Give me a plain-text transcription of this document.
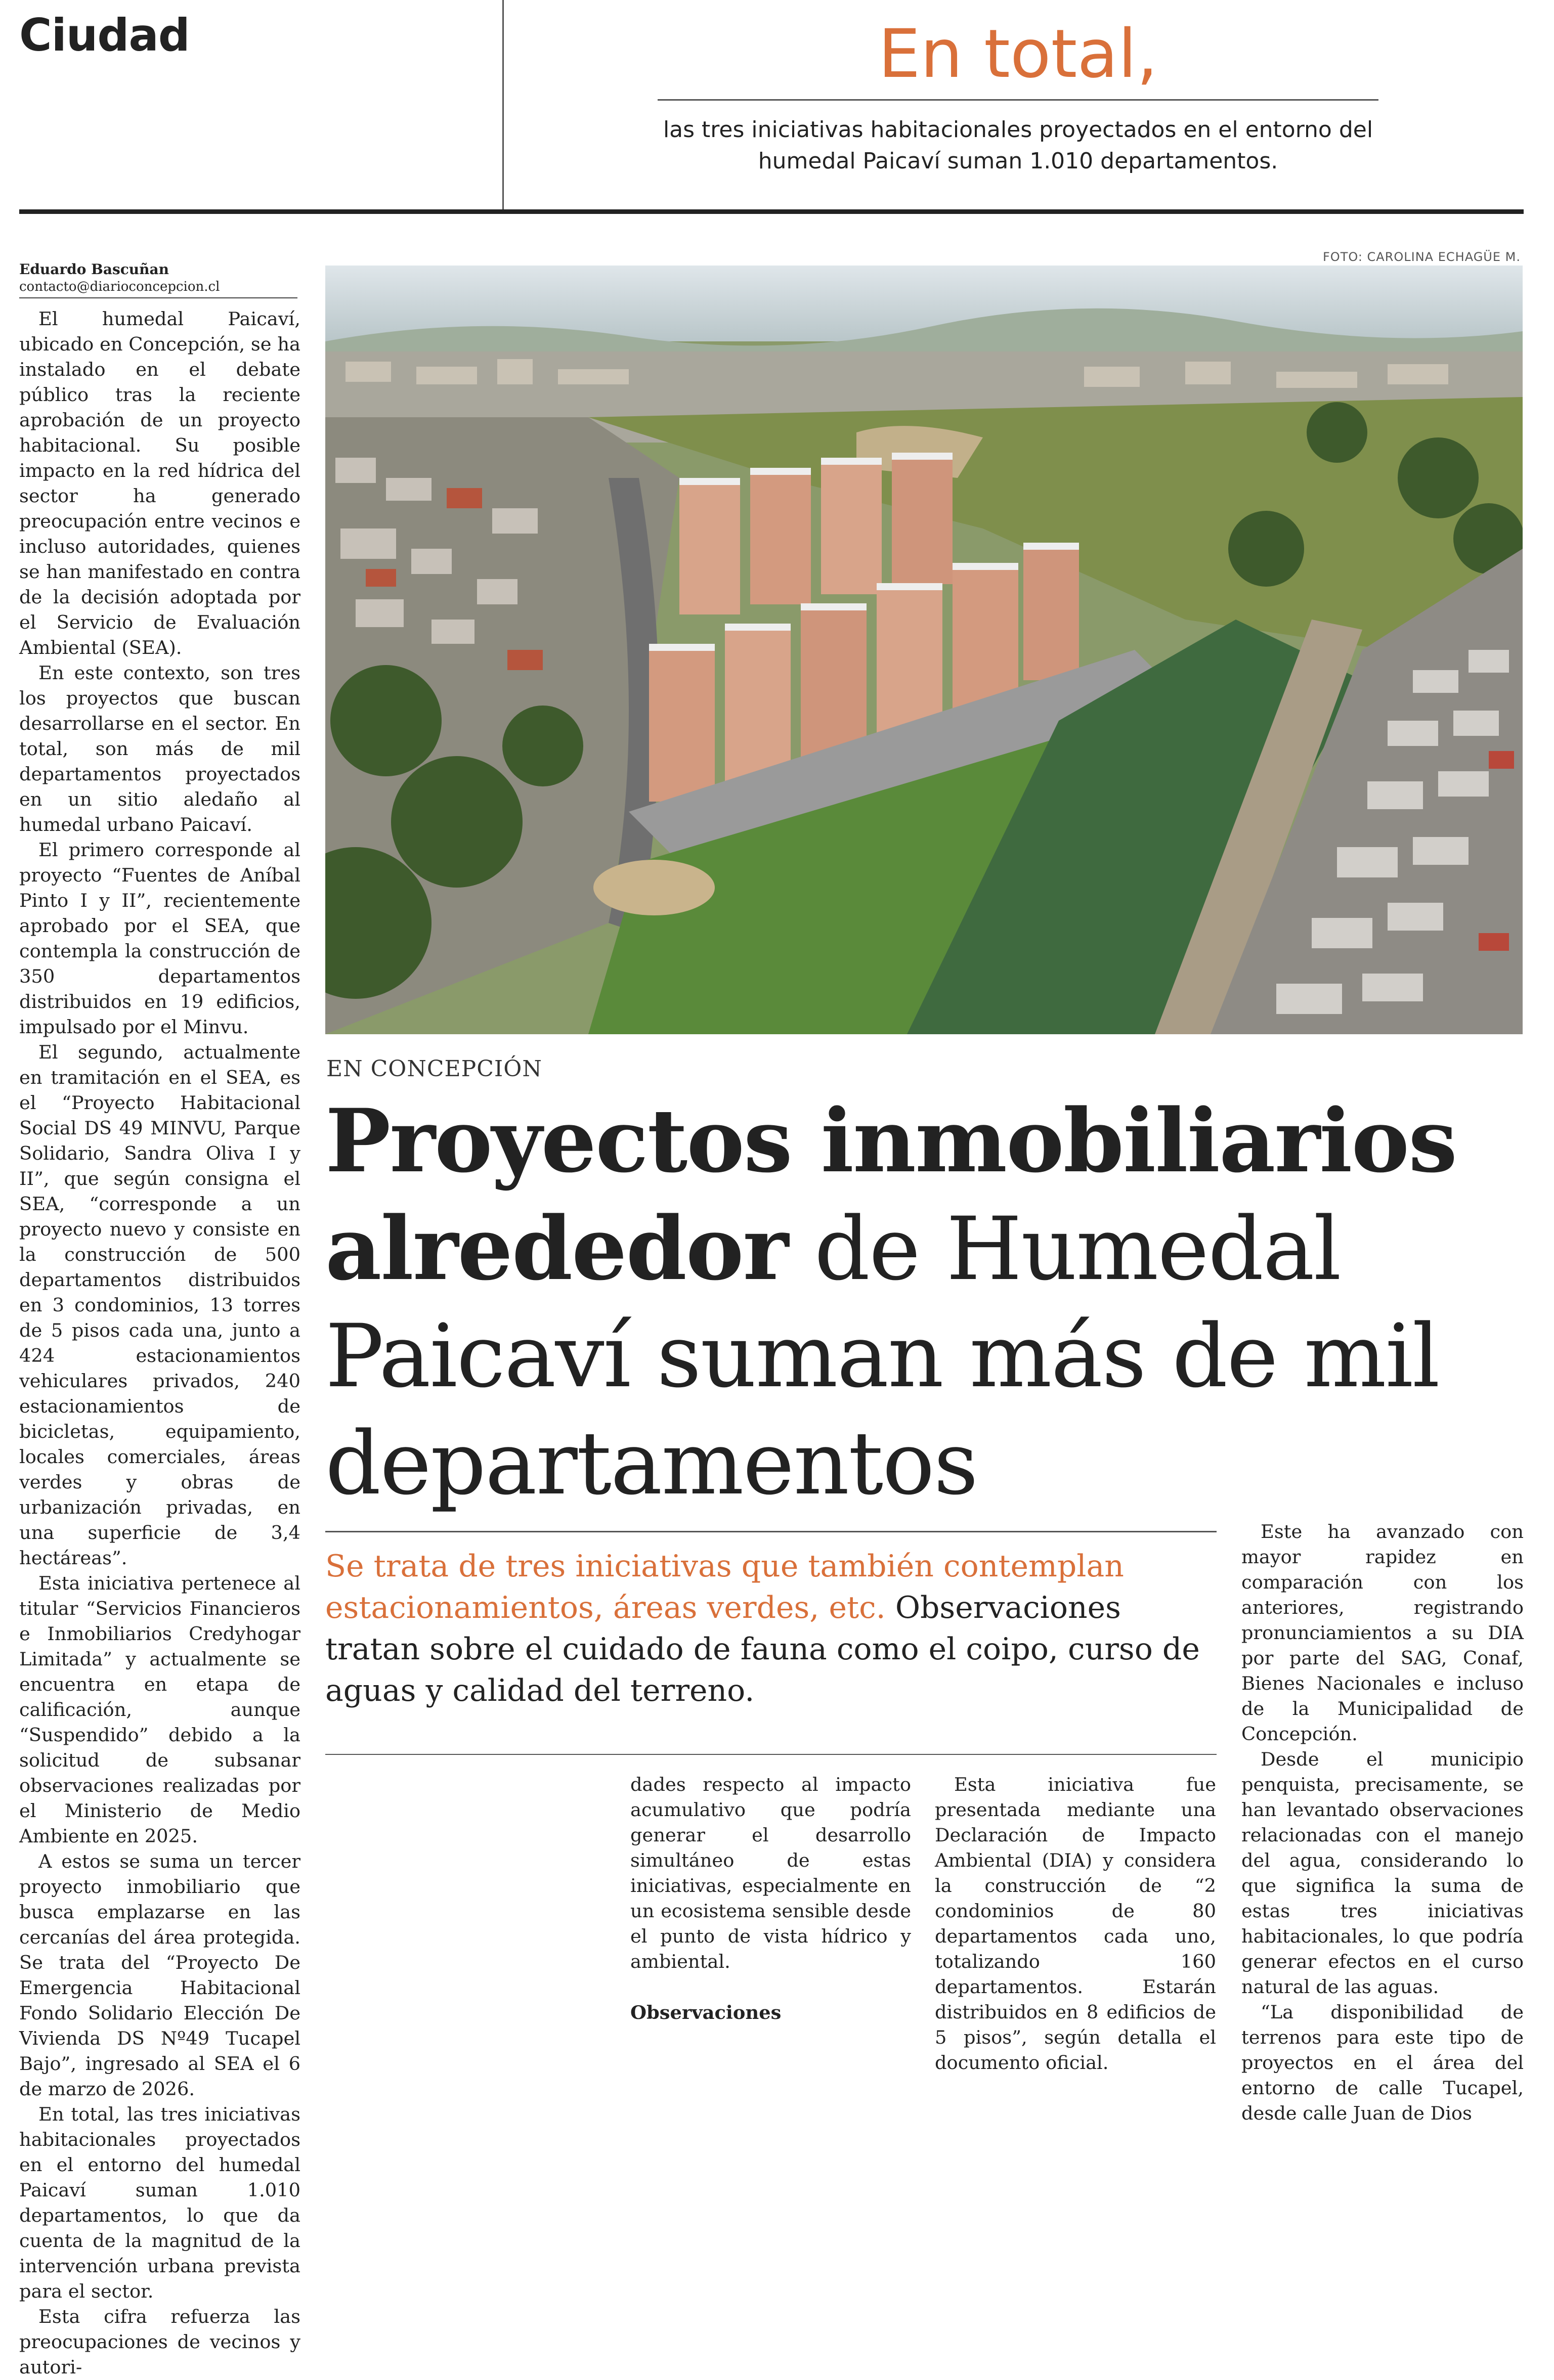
Ciudad	En total,
las tres iniciativas habitacionales proyectados en el entorno del humedal Paicaví suman 1.010 departamentos.
Eduardo Bascuñan
contacto@diarioconcepcion.cl
FOTO: CAROLINA ECHAGÜE M.

El humedal Paicaví, ubicado en Concepción, se ha instalado en el debate público tras la reciente aprobación de un proyecto habitacional. Su posible impacto en la red hídrica del sector ha generado preocupación entre vecinos e incluso autoridades, quienes se han manifestado en contra de la decisión adoptada por el Servicio de Evaluación Ambiental (SEA).

En este contexto, son tres los proyectos que buscan desarrollarse en el sector. En total, son más de mil departamentos proyectados en un sitio aledaño al humedal urbano Paicaví.

El primero corresponde al proyecto “Fuentes de Aníbal Pinto I y II”, recientemente aprobado por el SEA, que contempla la construcción de 350 departamentos distribuidos en 19 edificios, impulsado por el Minvu.

El segundo, actualmente en tramitación en el SEA, es el “Proyecto Habitacional Social DS 49 MINVU, Parque Solidario, Sandra Oliva I y II”, que según consigna el SEA, “corresponde a un proyecto nuevo y consiste en la construcción de 500 departamentos distribuidos en 3 condominios, 13 torres de 5 pisos cada una, junto a 424 estacionamientos vehiculares privados, 240 estacionamientos de bicicletas, equipamiento, locales comerciales, áreas verdes y obras de urbanización privadas, en una superficie de 3,4 hectáreas”.

Esta iniciativa pertenece al titular “Servicios Financieros e Inmobiliarios Credyhogar Limitada” y actualmente se encuentra en etapa de calificación, aunque “Suspendido” debido a la solicitud de subsanar observaciones realizadas por el Ministerio de Medio Ambiente en 2025.

A estos se suma un tercer proyecto inmobiliario que busca emplazarse en las cercanías del área protegida. Se trata del “Proyecto De Emergencia Habitacional Fondo Solidario Elección De Vivienda DS Nº49 Tucapel Bajo”, ingresado al SEA el 6 de marzo de 2026.

En total, las tres iniciativas habitacionales proyectados en el entorno del humedal Paicaví suman 1.010 departamentos, lo que da cuenta de la magnitud de la intervención urbana prevista para el sector.

Esta cifra refuerza las preocupaciones de vecinos y autori-

EN CONCEPCIÓN
Proyectos inmobiliarios alrededor de Humedal Paicaví suman más de mil departamentos
Se trata de tres iniciativas que también contemplan estacionamientos, áreas verdes, etc. Observaciones tratan sobre el cuidado de fauna como el coipo, curso de aguas y calidad del terreno.

dades respecto al impacto acumulativo que podría generar el desarrollo simultáneo de estas iniciativas, especialmente en un ecosistema sensible desde el punto de vista hídrico y ambiental.

Observaciones

Esta iniciativa fue presentada mediante una Declaración de Impacto Ambiental (DIA) y considera la construcción de “2 condominios de 80 departamentos cada uno, totalizando 160 departamentos. Estarán distribuidos en 8 edificios de 5 pisos”, según detalla el documento oficial.

Este ha avanzado con mayor rapidez en comparación con los anteriores, registrando pronunciamientos a su DIA por parte del SAG, Conaf, Bienes Nacionales e incluso de la Municipalidad de Concepción.

Desde el municipio penquista, precisamente, se han levantado observaciones relacionadas con el manejo del agua, considerando lo que significa la suma de estas tres iniciativas habitacionales, lo que podría generar efectos en el curso natural de las aguas.

“La disponibilidad de terrenos para este tipo de proyectos en el área del entorno de calle Tucapel, desde calle Juan de Dios
